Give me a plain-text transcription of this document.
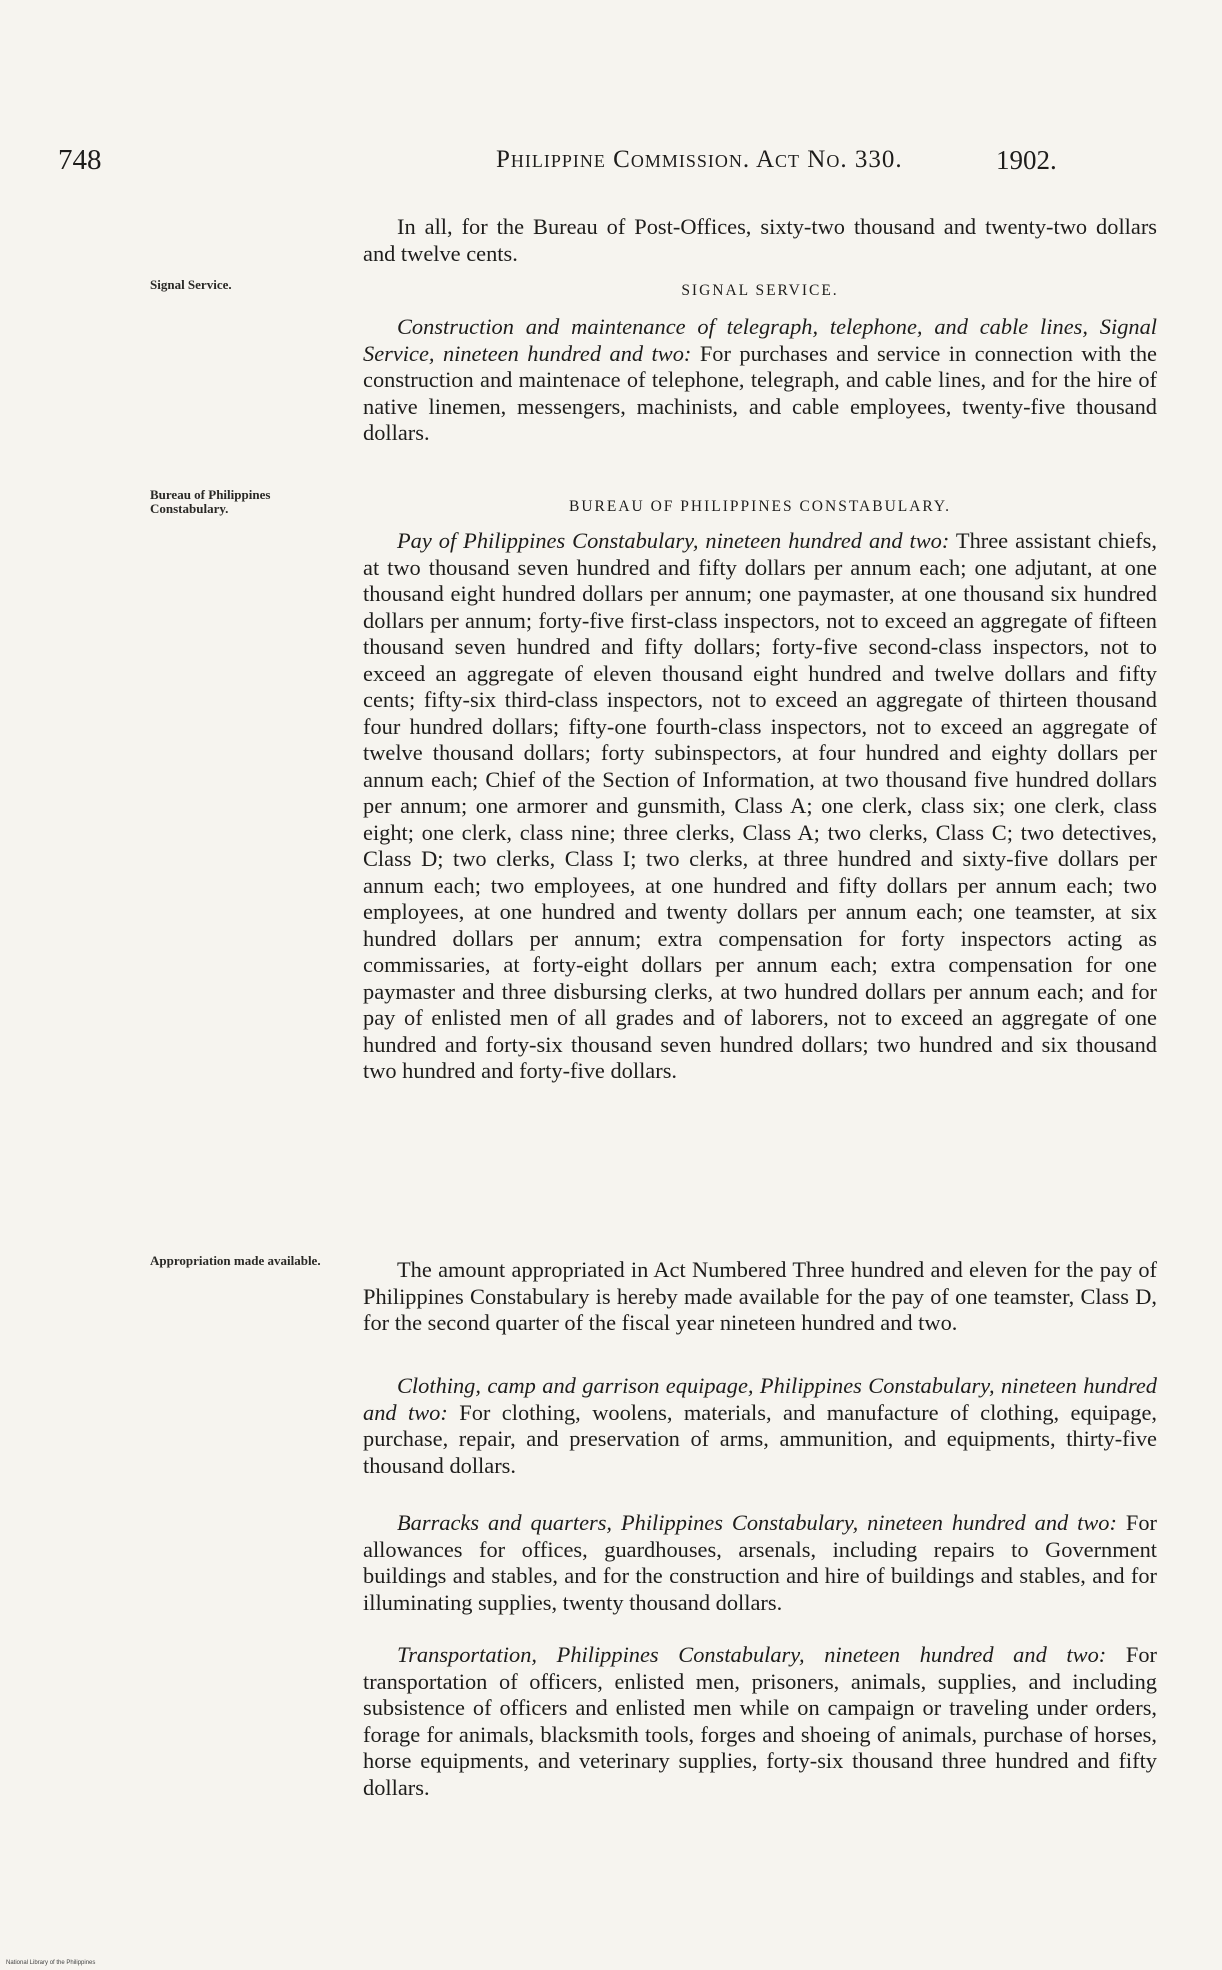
748	Philippine Commission. Act No. 330.	1902.
Signal Service.
Bureau of Philippines Constabulary.
Appropriation made available.

In all, for the Bureau of Post-Offices, sixty-two thousand and twenty-two dollars and twelve cents.

SIGNAL SERVICE.

Construction and maintenance of telegraph, telephone, and cable lines, Signal Service, nineteen hundred and two: For purchases and service in connection with the construction and maintenace of telephone, telegraph, and cable lines, and for the hire of native linemen, messengers, machinists, and cable employees, twenty-five thousand dollars.

BUREAU OF PHILIPPINES CONSTABULARY.

Pay of Philippines Constabulary, nineteen hundred and two: Three assistant chiefs, at two thousand seven hundred and fifty dollars per annum each; one adjutant, at one thousand eight hundred dollars per annum; one paymaster, at one thousand six hundred dollars per annum; forty-five first-class inspectors, not to exceed an aggregate of fifteen thousand seven hundred and fifty dollars; forty-five second-class inspectors, not to exceed an aggregate of eleven thousand eight hundred and twelve dollars and fifty cents; fifty-six third-class inspectors, not to exceed an aggregate of thirteen thousand four hundred dollars; fifty-one fourth-class inspectors, not to exceed an aggregate of twelve thousand dollars; forty subinspectors, at four hundred and eighty dollars per annum each; Chief of the Section of Information, at two thousand five hundred dollars per annum; one armorer and gunsmith, Class A; one clerk, class six; one clerk, class eight; one clerk, class nine; three clerks, Class A; two clerks, Class C; two detectives, Class D; two clerks, Class I; two clerks, at three hundred and sixty-five dollars per annum each; two employees, at one hundred and fifty dollars per annum each; two employees, at one hundred and twenty dollars per annum each; one teamster, at six hundred dollars per annum; extra compensation for forty inspectors acting as commissaries, at forty-eight dollars per annum each; extra compensation for one paymaster and three disbursing clerks, at two hundred dollars per annum each; and for pay of enlisted men of all grades and of laborers, not to exceed an aggregate of one hundred and forty-six thousand seven hundred dollars; two hundred and six thousand two hundred and forty-five dollars.

The amount appropriated in Act Numbered Three hundred and eleven for the pay of Philippines Constabulary is hereby made available for the pay of one teamster, Class D, for the second quarter of the fiscal year nineteen hundred and two.

Clothing, camp and garrison equipage, Philippines Constabulary, nineteen hundred and two: For clothing, woolens, materials, and manufacture of clothing, equipage, purchase, repair, and preservation of arms, ammunition, and equipments, thirty-five thousand dollars.

Barracks and quarters, Philippines Constabulary, nineteen hundred and two: For allowances for offices, guardhouses, arsenals, including repairs to Government buildings and stables, and for the construction and hire of buildings and stables, and for illuminating supplies, twenty thousand dollars.

Transportation, Philippines Constabulary, nineteen hundred and two: For transportation of officers, enlisted men, prisoners, animals, supplies, and including subsistence of officers and enlisted men while on campaign or traveling under orders, forage for animals, blacksmith tools, forges and shoeing of animals, purchase of horses, horse equipments, and veterinary supplies, forty-six thousand three hundred and fifty dollars.

National Library of the Philippines
